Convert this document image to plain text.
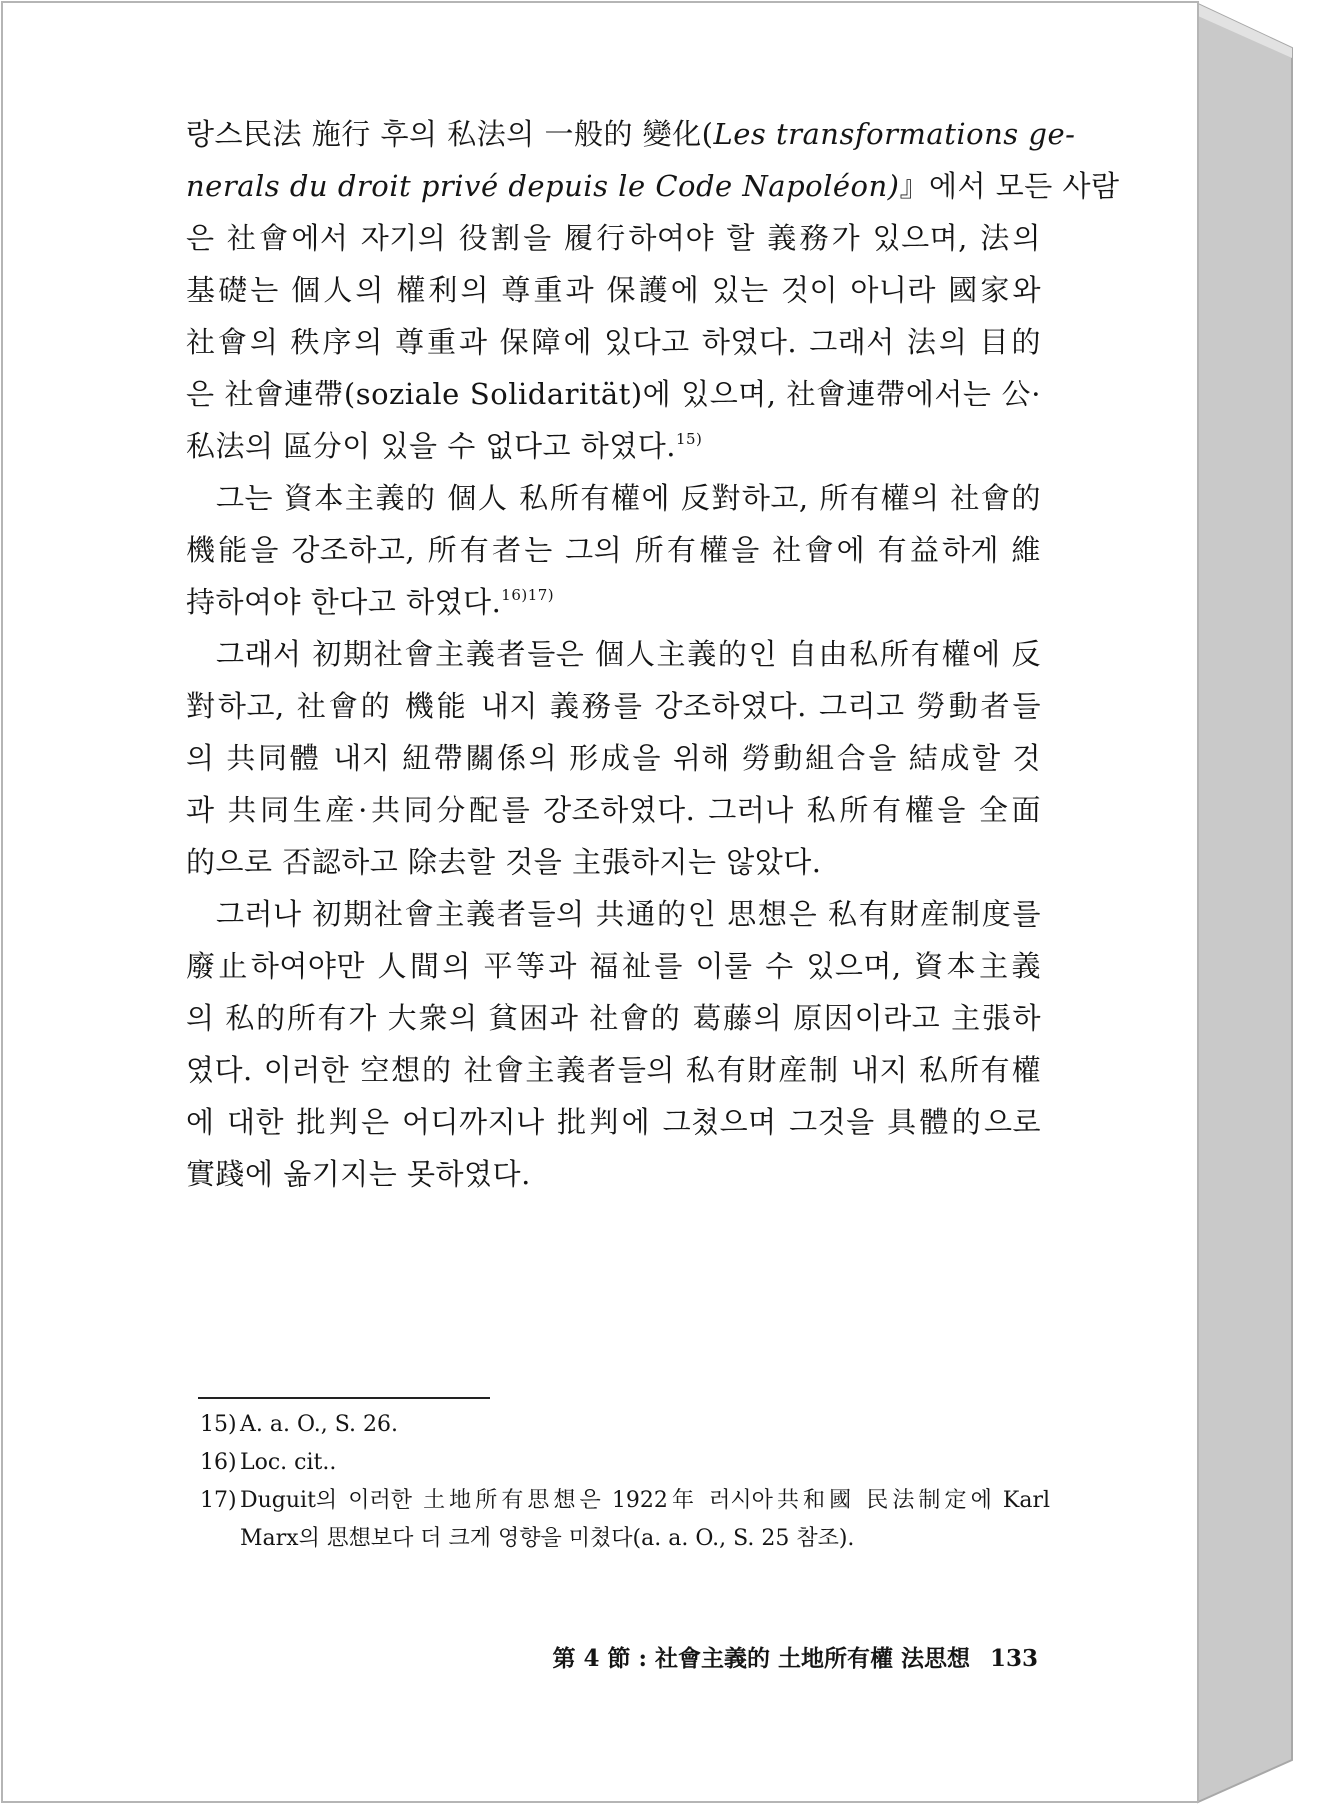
랑스民法 施行 후의 私法의 一般的 變化(Les transformations ge-
nerals du droit privé depuis le Code Napoléon)』에서 모든 사람
은 社會에서 자기의 役割을 履行하여야 할 義務가 있으며, 法의
基礎는 個人의 權利의 尊重과 保護에 있는 것이 아니라 國家와
社會의 秩序의 尊重과 保障에 있다고 하였다. 그래서 法의 目的
은 社會連帶(soziale Solidarität)에 있으며, 社會連帶에서는 公·
私法의 區分이 있을 수 없다고 하였다.$^{15)}$
그는 資本主義的 個人 私所有權에 反對하고, 所有權의 社會的
機能을 강조하고, 所有者는 그의 所有權을 社會에 有益하게 維
持하여야 한다고 하였다.$^{16)17)}$
그래서 初期社會主義者들은 個人主義的인 自由私所有權에 反
對하고, 社會的 機能 내지 義務를 강조하였다. 그리고 勞動者들
의 共同體 내지 紐帶關係의 形成을 위해 勞動組合을 結成할 것
과 共同生産·共同分配를 강조하였다. 그러나 私所有權을 全面
的으로 否認하고 除去할 것을 主張하지는 않았다.
그러나 初期社會主義者들의 共通的인 思想은 私有財産制度를
廢止하여야만 人間의 平等과 福祉를 이룰 수 있으며, 資本主義
의 私的所有가 大衆의 貧困과 社會的 葛藤의 原因이라고 主張하
였다. 이러한 空想的 社會主義者들의 私有財産制 내지 私所有權
에 대한 批判은 어디까지나 批判에 그쳤으며 그것을 具體的으로
實踐에 옮기지는 못하였다.
15) A. a. O., S. 26.
16) Loc. cit..
17) Duguit의 이러한 土地所有思想은 1922年 러시아共和國 民法制定에 Karl
Marx의 思想보다 더 크게 영향을 미쳤다(a. a. O., S. 25 참조).
第 4 節 : 社會主義的 土地所有權 法思想 133
